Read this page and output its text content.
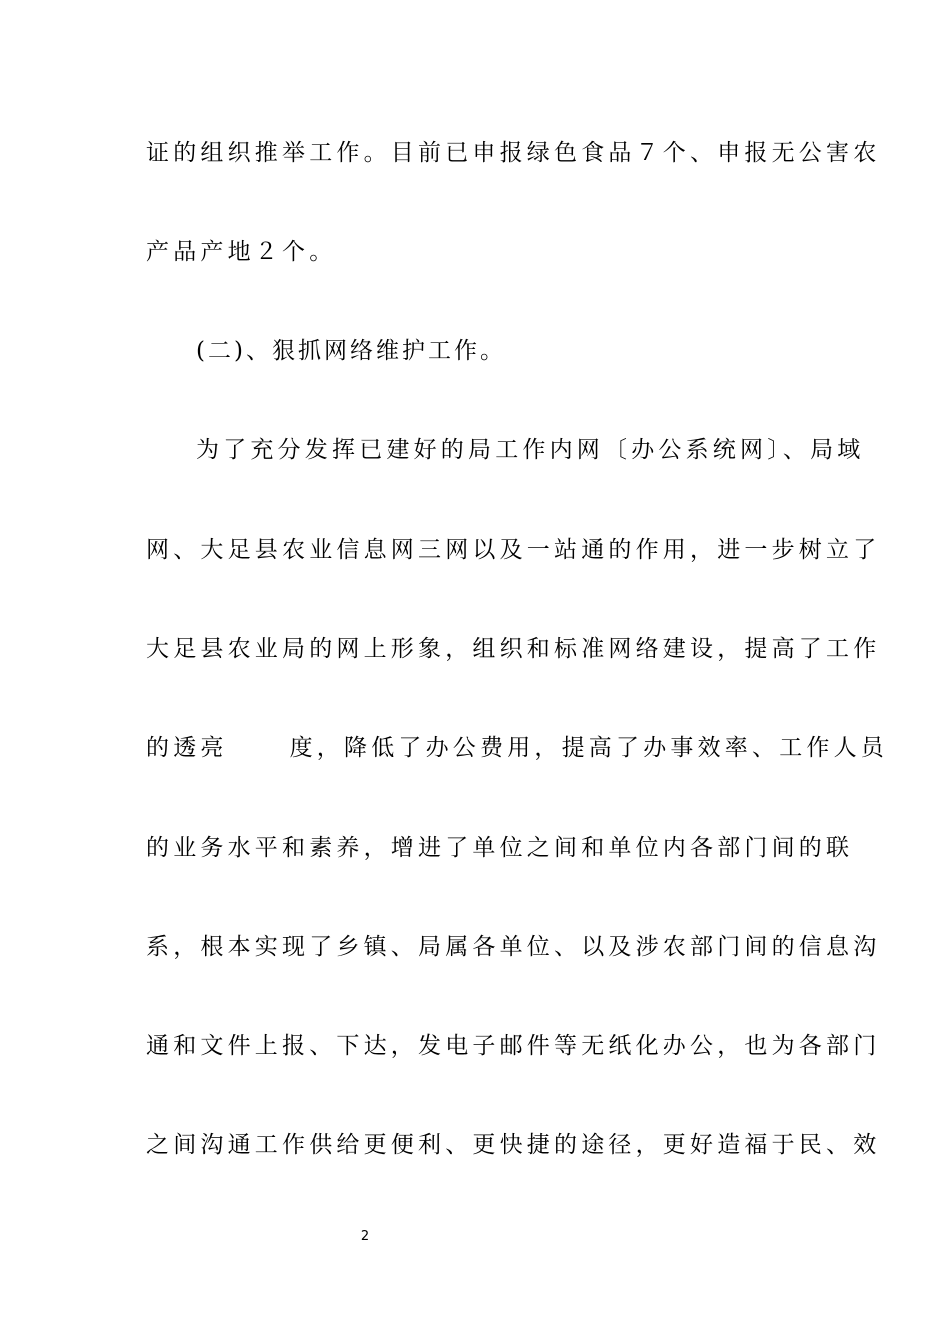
证的组织推举工作。目前已申报绿色食品７个、申报无公害农
产品产地２个。
(二)、狠抓网络维护工作。
为了充分发挥已建好的局工作内网〔办公系统网〕、局域
网、大足县农业信息网三网以及一站通的作用，进一步树立了
大足县农业局的网上形象，组织和标准网络建设，提高了工作
的透亮	度，降低了办公费用，提高了办事效率、工作人员
的业务水平和素养，增进了单位之间和单位内各部门间的联
系，根本实现了乡镇、局属各单位、以及涉农部门间的信息沟
通和文件上报、下达，发电子邮件等无纸化办公，也为各部门
之间沟通工作供给更便利、更快捷的途径，更好造福于民、效
2
